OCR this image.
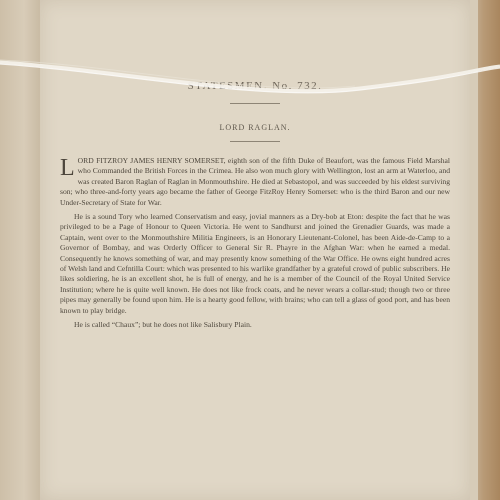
STATESMEN. No. 732.
LORD RAGLAN.

LORD FITZROY JAMES HENRY SOMERSET, eighth son of the fifth Duke of Beaufort, was the famous Field Marshal who Commanded the British Forces in the Crimea. He also won much glory with Wellington, lost an arm at Waterloo, and was created Baron Raglan of Raglan in Monmouthshire. He died at Sebastopol, and was succeeded by his eldest surviving son; who three-and-forty years ago became the father of George FitzRoy Henry Somerset: who is the third Baron and our new Under-Secretary of State for War.

He is a sound Tory who learned Conservatism and easy, jovial manners as a Dry-bob at Eton: despite the fact that he was privileged to be a Page of Honour to Queen Victoria. He went to Sandhurst and joined the Grenadier Guards, was made a Captain, went over to the Monmouthshire Militia Engineers, is an Honorary Lieutenant-Colonel, has been Aide-de-Camp to a Governor of Bombay, and was Orderly Officer to General Sir R. Phayre in the Afghan War: when he earned a medal. Consequently he knows something of war, and may presently know something of the War Office. He owns eight hundred acres of Welsh land and Cefntilla Court: which was presented to his warlike grandfather by a grateful crowd of public subscribers. He likes soldiering, he is an excellent shot, he is full of energy, and he is a member of the Council of the Royal United Service Institution; where he is quite well known. He does not like frock coats, and he never wears a collar-stud; though two or three pipes may generally be found upon him. He is a hearty good fellow, with brains; who can tell a glass of good port, and has been known to play bridge.

He is called “Chaux”; but he does not like Salisbury Plain.
